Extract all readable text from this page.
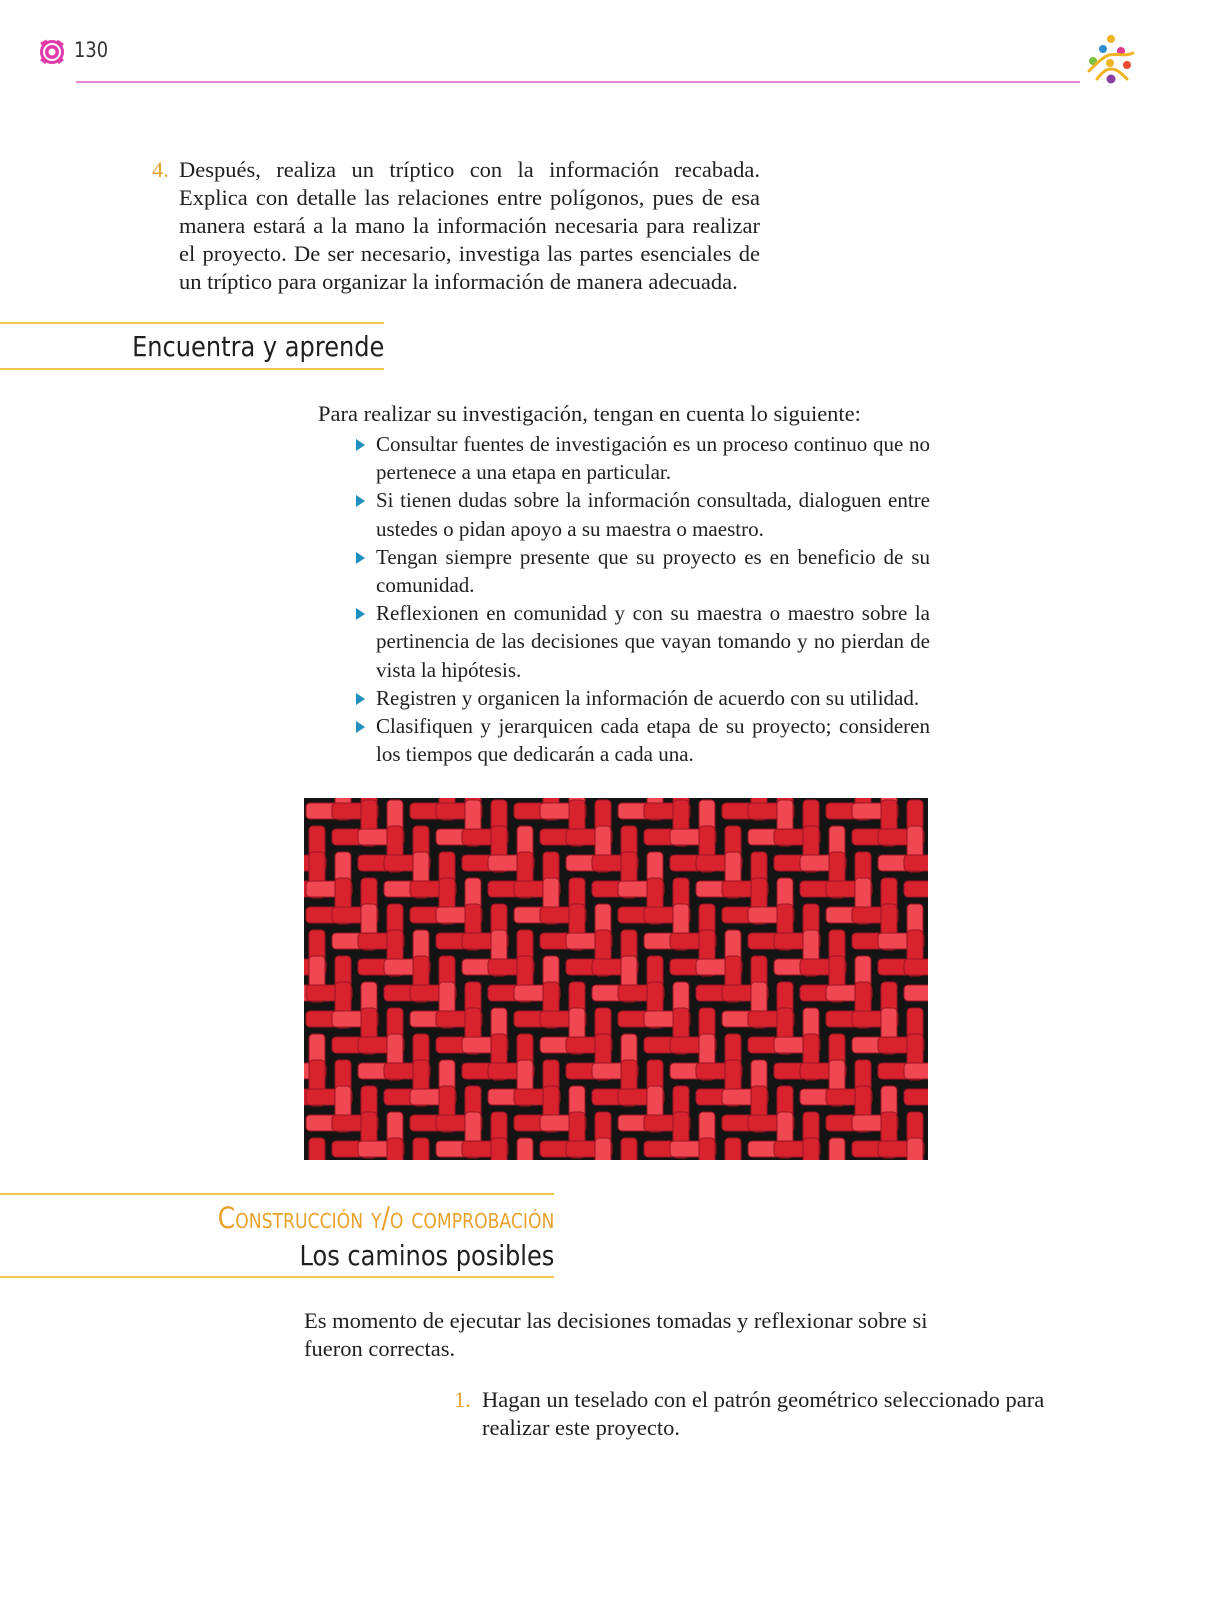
130
4. Después, realiza un tríptico con la información recabada. Explica con detalle las relaciones entre polígonos, pues de esa manera estará a la mano la información necesaria para realizar el proyecto. De ser necesario, investiga las partes esenciales de un tríptico para organizar la información de manera adecuada.
Encuentra y aprende
Para realizar su investigación, tengan en cuenta lo siguiente:
Consultar fuentes de investigación es un proceso continuo que no pertenece a una etapa en particular.
Si tienen dudas sobre la información consultada, dialoguen entre ustedes o pidan apoyo a su maestra o maestro.
Tengan siempre presente que su proyecto es en beneficio de su comunidad.
Reflexionen en comunidad y con su maestra o maestro sobre la pertinencia de las decisiones que vayan tomando y no pierdan de vista la hipótesis.
Registren y organicen la información de acuerdo con su utilidad.
Clasifiquen y jerarquicen cada etapa de su proyecto; consideren los tiempos que dedicarán a cada una.
Construcción y/o comprobación
Los caminos posibles
Es momento de ejecutar las decisiones tomadas y reflexionar sobre si fueron correctas.
1. Hagan un teselado con el patrón geométrico seleccionado para realizar este proyecto.
